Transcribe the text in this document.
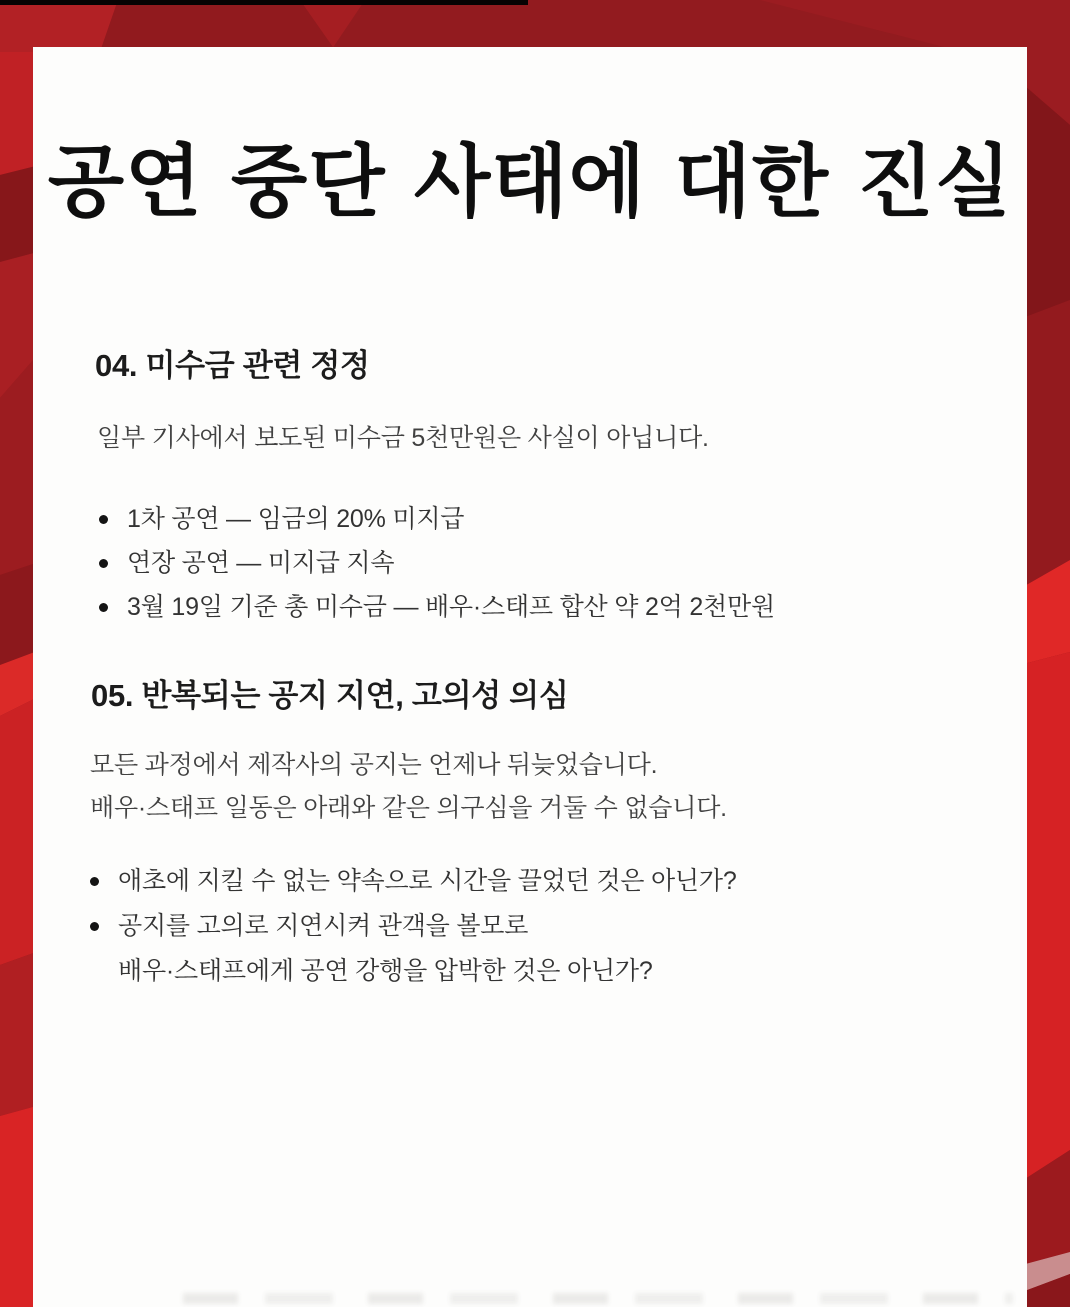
공연 중단 사태에 대한 진실
04. 미수금 관련 정정

일부 기사에서 보도된 미수금 5천만원은 사실이 아닙니다.

1차 공연 — 임금의 20% 미지급
연장 공연 — 미지급 지속
3월 19일 기준 총 미수금 — 배우·스태프 합산 약 2억 2천만원
05. 반복되는 공지 지연, 고의성 의심

모든 과정에서 제작사의 공지는 언제나 뒤늦었습니다.
배우·스태프 일동은 아래와 같은 의구심을 거둘 수 없습니다.

애초에 지킬 수 없는 약속으로 시간을 끌었던 것은 아닌가?
공지를 고의로 지연시켜 관객을 볼모로
배우·스태프에게 공연 강행을 압박한 것은 아닌가?
